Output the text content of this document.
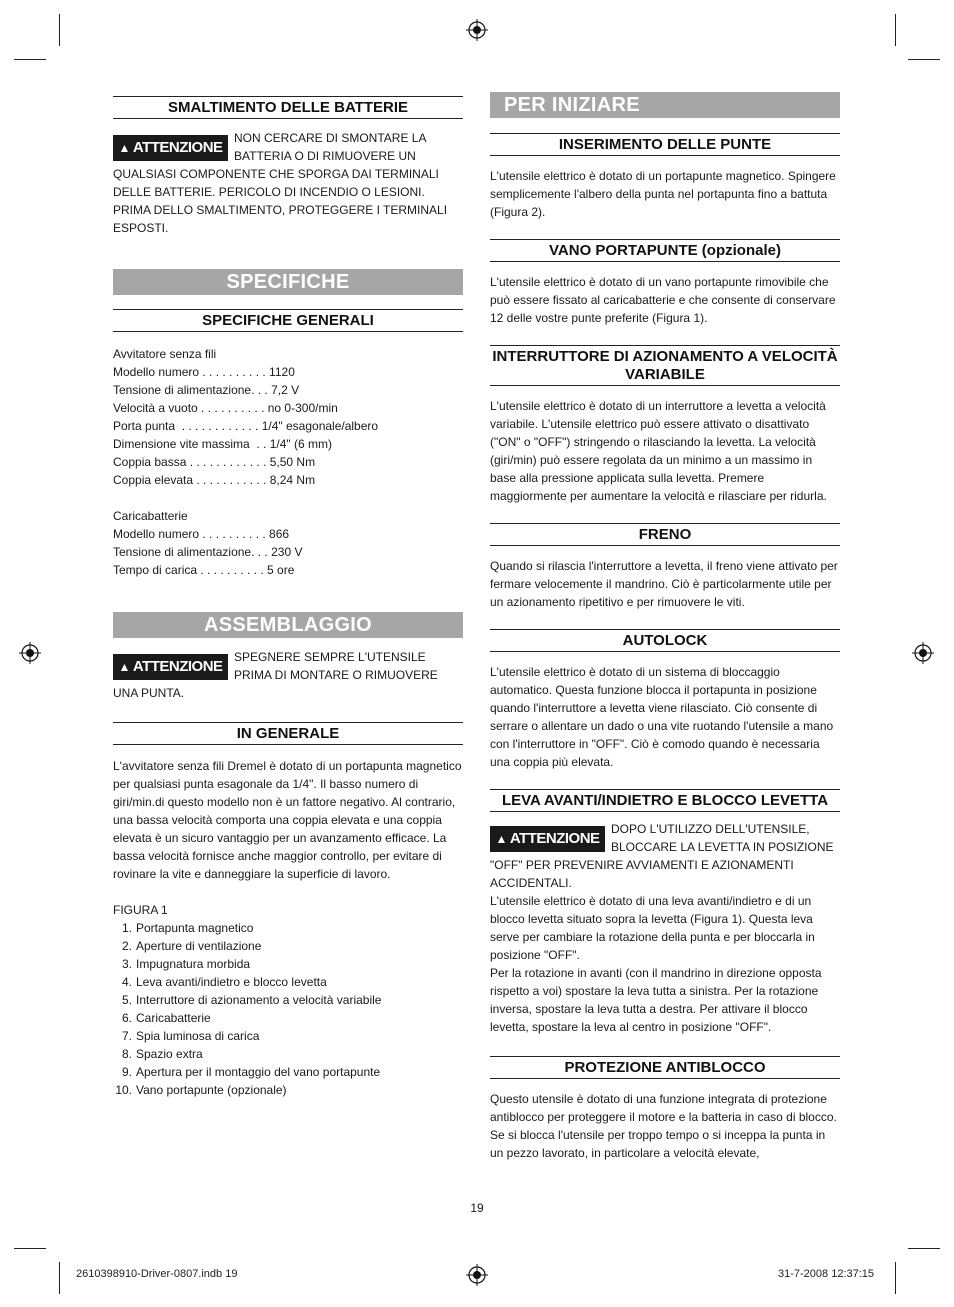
SMALTIMENTO DELLE BATTERIE
▲ ATTENZIONE
NON CERCARE DI SMONTARE LA BATTERIA O DI RIMUOVERE UN QUALSIASI COMPONENTE CHE SPORGA DAI TERMINALI DELLE BATTERIE. PERICOLO DI INCENDIO O LESIONI. PRIMA DELLO SMALTIMENTO, PROTEGGERE I TERMINALI ESPOSTI.
SPECIFICHE
SPECIFICHE GENERALI
Avvitatore senza fili
Modello numero . . . . . . . . . . 1120
Tensione di alimentazione. . . 7,2 V
Velocità a vuoto . . . . . . . . . . no 0-300/min
Porta punta  . . . . . . . . . . . . 1/4" esagonale/albero
Dimensione vite massima  . . 1/4" (6 mm)
Coppia bassa . . . . . . . . . . . . 5,50 Nm
Coppia elevata . . . . . . . . . . . 8,24 Nm
Caricabatterie
Modello numero . . . . . . . . . . 866
Tensione di alimentazione. . . 230 V
Tempo di carica . . . . . . . . . . 5 ore
ASSEMBLAGGIO
▲ ATTENZIONE
SPEGNERE SEMPRE L'UTENSILE PRIMA DI MONTARE O RIMUOVERE UNA PUNTA.
IN GENERALE
L'avvitatore senza fili Dremel è dotato di un portapunta magnetico per qualsiasi punta esagonale da 1/4". Il basso numero di giri/min.di questo modello non è un fattore negativo. Al contrario, una bassa velocità comporta una coppia elevata e una coppia elevata è un sicuro vantaggio per un avanzamento efficace. La bassa velocità fornisce anche maggior controllo, per evitare di rovinare la vite e danneggiare la superficie di lavoro.
FIGURA 1
1. Portapunta magnetico
2. Aperture di ventilazione
3. Impugnatura morbida
4. Leva avanti/indietro e blocco levetta
5. Interruttore di azionamento a velocità variabile
6. Caricabatterie
7. Spia luminosa di carica
8. Spazio extra
9. Apertura per il montaggio del vano portapunte
10. Vano portapunte (opzionale)
PER INIZIARE
INSERIMENTO DELLE PUNTE
L'utensile elettrico è dotato di un portapunte magnetico. Spingere semplicemente l'albero della punta nel portapunta fino a battuta (Figura 2).
VANO PORTAPUNTE (opzionale)
L'utensile elettrico è dotato di un vano portapunte rimovibile che può essere fissato al caricabatterie e che consente di conservare 12 delle vostre punte preferite (Figura 1).
INTERRUTTORE DI AZIONAMENTO A VELOCITÀ VARIABILE
L'utensile elettrico è dotato di un interruttore a levetta a velocità variabile. L'utensile elettrico può essere attivato o disattivato ("ON" o "OFF") stringendo o rilasciando la levetta. La velocità (giri/min) può essere regolata da un minimo a un massimo in base alla pressione applicata sulla levetta. Premere maggiormente per aumentare la velocità e rilasciare per ridurla.
FRENO
Quando si rilascia l'interruttore a levetta, il freno viene attivato per fermare velocemente il mandrino. Ciò è particolarmente utile per un azionamento ripetitivo e per rimuovere le viti.
AUTOLOCK
L'utensile elettrico è dotato di un sistema di bloccaggio automatico. Questa funzione blocca il portapunta in posizione quando l'interruttore a levetta viene rilasciato. Ciò consente di serrare o allentare un dado o una vite ruotando l'utensile a mano con l'interruttore in "OFF". Ciò è comodo quando è necessaria una coppia più elevata.
LEVA AVANTI/INDIETRO E BLOCCO LEVETTA
▲ ATTENZIONE
DOPO L'UTILIZZO DELL'UTENSILE, BLOCCARE LA LEVETTA IN POSIZIONE "OFF" PER PREVENIRE AVVIAMENTI E AZIONAMENTI ACCIDENTALI.
L'utensile elettrico è dotato di una leva avanti/indietro e di un blocco levetta situato sopra la levetta (Figura 1). Questa leva serve per cambiare la rotazione della punta e per bloccarla in posizione "OFF".
Per la rotazione in avanti (con il mandrino in direzione opposta rispetto a voi) spostare la leva tutta a sinistra. Per la rotazione inversa, spostare la leva tutta a destra. Per attivare il blocco levetta, spostare la leva al centro in posizione "OFF".
PROTEZIONE ANTIBLOCCO
Questo utensile è dotato di una funzione integrata di protezione antiblocco per proteggere il motore e la batteria in caso di blocco. Se si blocca l'utensile per troppo tempo o si inceppa la punta in un pezzo lavorato, in particolare a velocità elevate,
19
2610398910-Driver-0807.indb 19	31-7-2008 12:37:15
